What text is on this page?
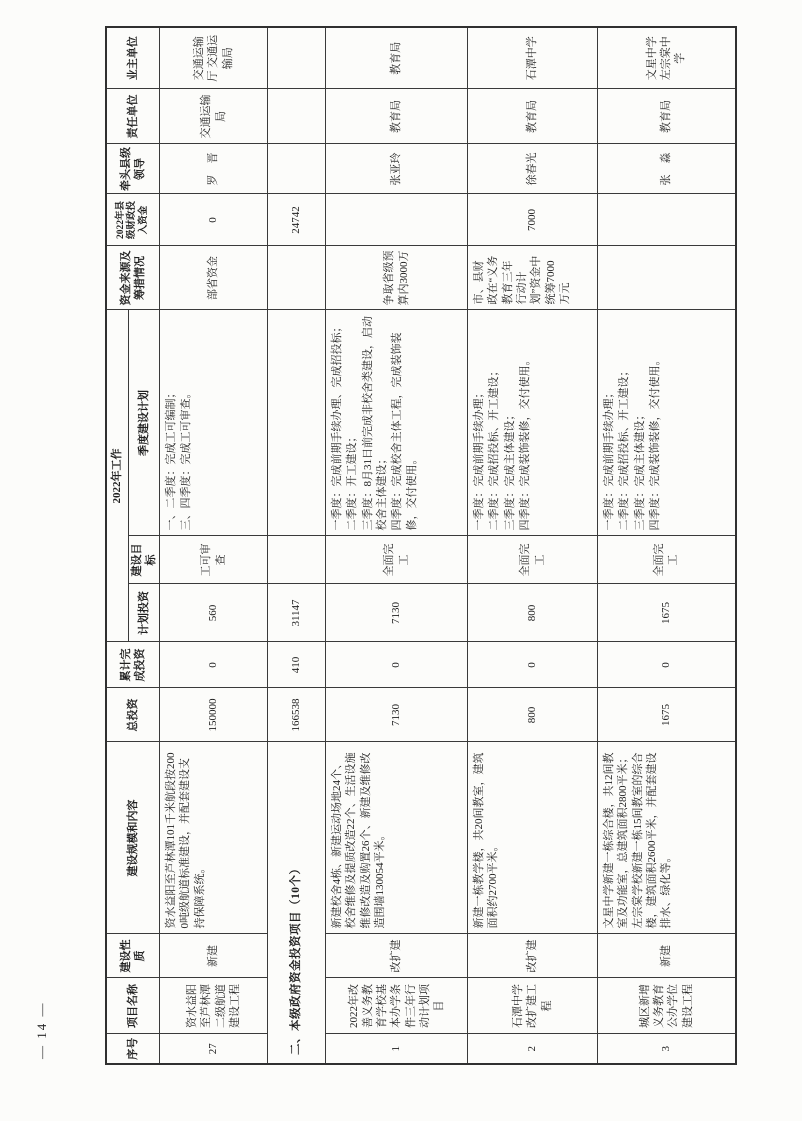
— 14 —	序号	项目名称	建设性质	建设规模和内容	总投资	累计完成投资	2022年工作			资金来源及筹措情况	2022年县级财政投入资金	牵头县级领导	责任单位	业主单位
						计划投资	建设目标	季度建设计划					
27	资水益阳至芦林潭二级航道建设工程	新建	资水益阳至芦林潭101千米航段按2000吨级航道标准建设，并配套建设支持保障系统。	150000	0	560	工可审查	一、二季度：完成工可编制； 三、四季度：完成工可审查。	部省资金	0	罗　晋	交通运输局	交通运输厅 交通运输局
二、本级政府资金投资项目（10个）				166538	410	31147				24742			
1	2022年改善义务教育学校基本办学条件三年行动计划项目	改扩建	新建校舍4栋、新建运动场地24个、校舍维修及提质改造22个、生活设施维修改造及购置26个、新建及维修改造围墙130054平米。	7130	0	7130	全面完工	一季度：完成前期手续办理、完成招投标； 二季度：开工建设； 三季度：8月31日前完成非校舍类建设，启动校舍主体建设； 四季度：完成校舍主体工程，完成装饰装修，交付使用。	争取省级预算内3000万		张亚玲	教育局	教育局
2	石潭中学改扩建工程	改扩建	新建一栋教学楼，共20间教室，建筑面积约2700平米。	800	0	800	全面完工	一季度：完成前期手续办理； 二季度：完成招投标、开工建设； 三季度：完成主体建设； 四季度：完成装饰装修，交付使用。	市、县财政在“义务教育三年行动计划”资金中统筹7000万元	7000	徐春光	教育局	石潭中学
3	城区新增义务教育公办学位建设工程	新建	文星中学新建一栋综合楼，共12间教室及功能室，总建筑面积2800平米；左宗棠学校新建一栋15间教室的综合楼，建筑面积2600平米，并配套建设排水、绿化等。	1675	0	1675	全面完工	一季度：完成前期手续办理； 二季度：完成招投标、开工建设； 三季度：完成主体建设； 四季度：完成装饰装修，交付使用。			张　淼	教育局	文星中学 左宗棠中学
